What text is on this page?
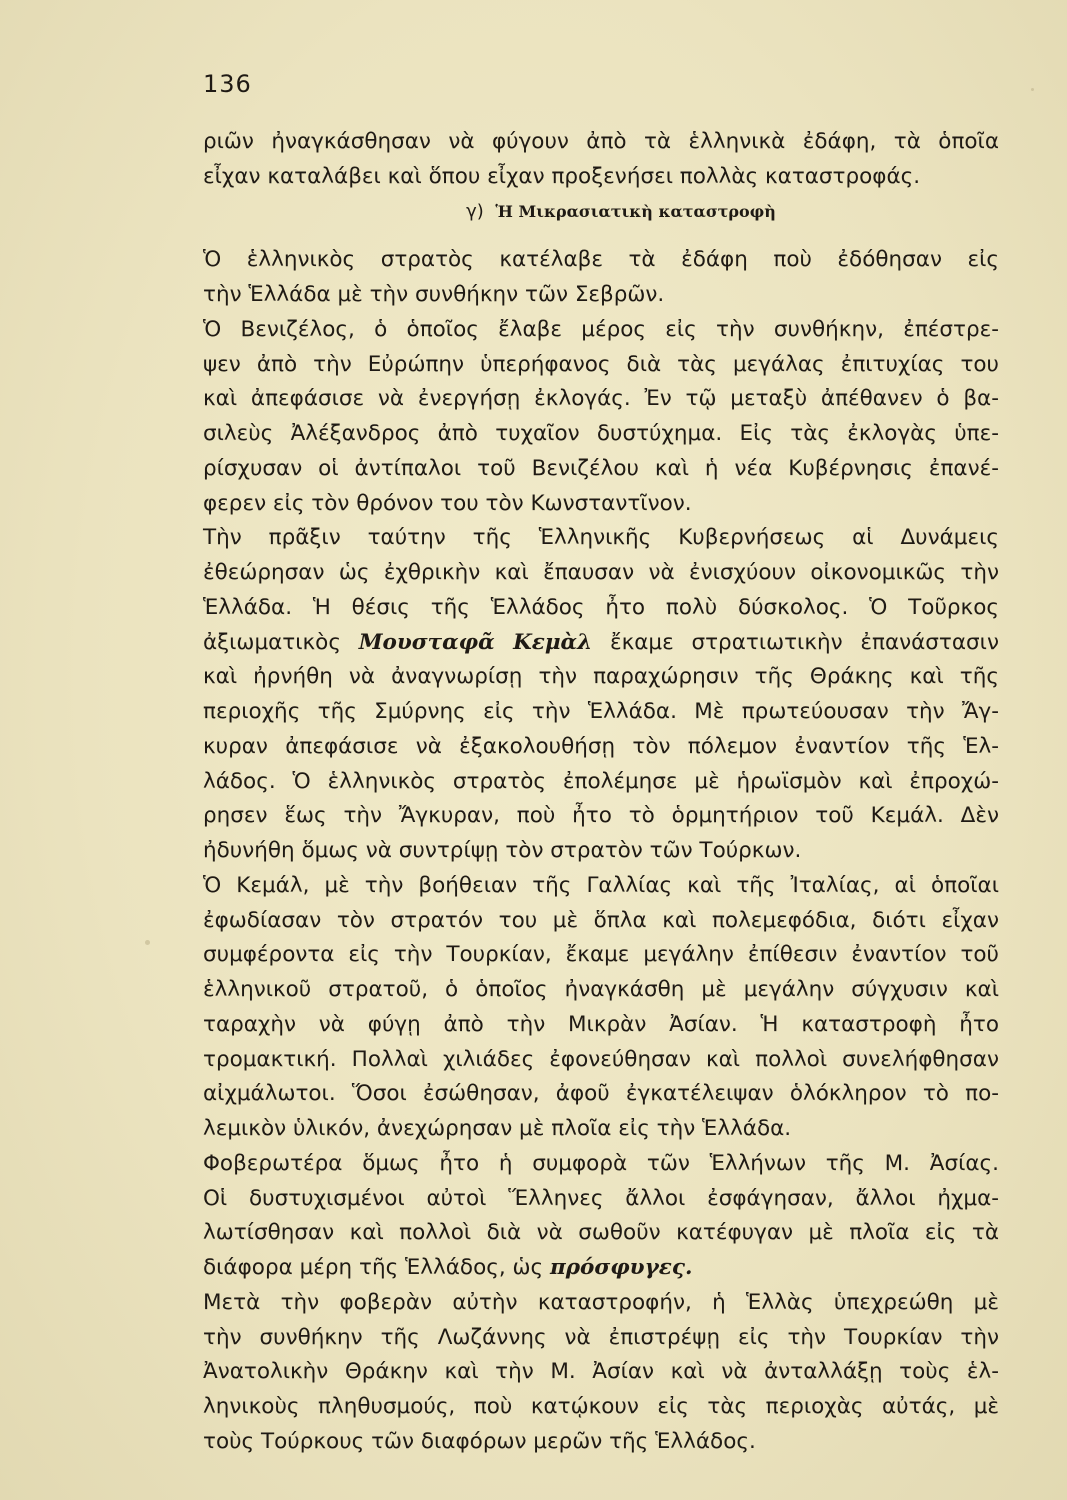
136
ριῶν ἠναγκάσθησαν νὰ φύγουν ἀπὸ τὰ ἑλληνικὰ ἐδάφη, τὰ ὁποῖα
εἶχαν καταλάβει καὶ ὅπου εἶχαν προξενήσει πολλὰς καταστροφάς.
γ) Ἡ Μικρασιατικὴ καταστροφὴ
Ὁ ἑλληνικὸς στρατὸς κατέλαβε τὰ ἐδάφη ποὺ ἐδόθησαν εἰς
τὴν Ἑλλάδα μὲ τὴν συνθήκην τῶν Σεβρῶν.
Ὁ Βενιζέλος, ὁ ὁποῖος ἔλαβε μέρος εἰς τὴν συνθήκην, ἐπέστρε-
ψεν ἀπὸ τὴν Εὐρώπην ὑπερήφανος διὰ τὰς μεγάλας ἐπιτυχίας του
καὶ ἀπεφάσισε νὰ ἐνεργήσῃ ἐκλογάς. Ἐν τῷ μεταξὺ ἀπέθανεν ὁ βα-
σιλεὺς Ἀλέξανδρος ἀπὸ τυχαῖον δυστύχημα. Εἰς τὰς ἐκλογὰς ὑπε-
ρίσχυσαν οἱ ἀντίπαλοι τοῦ Βενιζέλου καὶ ἡ νέα Κυβέρνησις ἐπανέ-
φερεν εἰς τὸν θρόνον του τὸν Κωνσταντῖνον.
Τὴν πρᾶξιν ταύτην τῆς Ἑλληνικῆς Κυβερνήσεως αἱ Δυνάμεις
ἐθεώρησαν ὡς ἐχθρικὴν καὶ ἔπαυσαν νὰ ἐνισχύουν οἰκονομικῶς τὴν
Ἑλλάδα. Ἡ θέσις τῆς Ἑλλάδος ἦτο πολὺ δύσκολος. Ὁ Τοῦρκος
ἀξιωματικὸς Μουσταφᾶ Κεμὰλ ἔκαμε στρατιωτικὴν ἐπανάστασιν
καὶ ἠρνήθη νὰ ἀναγνωρίσῃ τὴν παραχώρησιν τῆς Θράκης καὶ τῆς
περιοχῆς τῆς Σμύρνης εἰς τὴν Ἑλλάδα. Μὲ πρωτεύουσαν τὴν Ἄγ-
κυραν ἀπεφάσισε νὰ ἐξακολουθήσῃ τὸν πόλεμον ἐναντίον τῆς Ἑλ-
λάδος. Ὁ ἑλληνικὸς στρατὸς ἐπολέμησε μὲ ἡρωϊσμὸν καὶ ἐπροχώ-
ρησεν ἕως τὴν Ἄγκυραν, ποὺ ἦτο τὸ ὁρμητήριον τοῦ Κεμάλ. Δὲν
ἠδυνήθη ὅμως νὰ συντρίψῃ τὸν στρατὸν τῶν Τούρκων.
Ὁ Κεμάλ, μὲ τὴν βοήθειαν τῆς Γαλλίας καὶ τῆς Ἰταλίας, αἱ ὁποῖαι
ἐφωδίασαν τὸν στρατόν του μὲ ὅπλα καὶ πολεμεφόδια, διότι εἶχαν
συμφέροντα εἰς τὴν Τουρκίαν, ἔκαμε μεγάλην ἐπίθεσιν ἐναντίον τοῦ
ἑλληνικοῦ στρατοῦ, ὁ ὁποῖος ἠναγκάσθη μὲ μεγάλην σύγχυσιν καὶ
ταραχὴν νὰ φύγῃ ἀπὸ τὴν Μικρὰν Ἀσίαν. Ἡ καταστροφὴ ἦτο
τρομακτική. Πολλαὶ χιλιάδες ἐφονεύθησαν καὶ πολλοὶ συνελήφθησαν
αἰχμάλωτοι. Ὅσοι ἐσώθησαν, ἀφοῦ ἐγκατέλειψαν ὁλόκληρον τὸ πο-
λεμικὸν ὑλικόν, ἀνεχώρησαν μὲ πλοῖα εἰς τὴν Ἑλλάδα.
Φοβερωτέρα ὅμως ἦτο ἡ συμφορὰ τῶν Ἑλλήνων τῆς Μ. Ἀσίας.
Οἱ δυστυχισμένοι αὐτοὶ Ἕλληνες ἄλλοι ἐσφάγησαν, ἄλλοι ἠχμα-
λωτίσθησαν καὶ πολλοὶ διὰ νὰ σωθοῦν κατέφυγαν μὲ πλοῖα εἰς τὰ
διάφορα μέρη τῆς Ἑλλάδος, ὡς πρόσφυγες.
Μετὰ τὴν φοβερὰν αὐτὴν καταστροφήν, ἡ Ἑλλὰς ὑπεχρεώθη μὲ
τὴν συνθήκην τῆς Λωζάννης νὰ ἐπιστρέψῃ εἰς τὴν Τουρκίαν τὴν
Ἀνατολικὴν Θράκην καὶ τὴν Μ. Ἀσίαν καὶ νὰ ἀνταλλάξῃ τοὺς ἑλ-
ληνικοὺς πληθυσμούς, ποὺ κατῴκουν εἰς τὰς περιοχὰς αὐτάς, μὲ
τοὺς Τούρκους τῶν διαφόρων μερῶν τῆς Ἑλλάδος.
